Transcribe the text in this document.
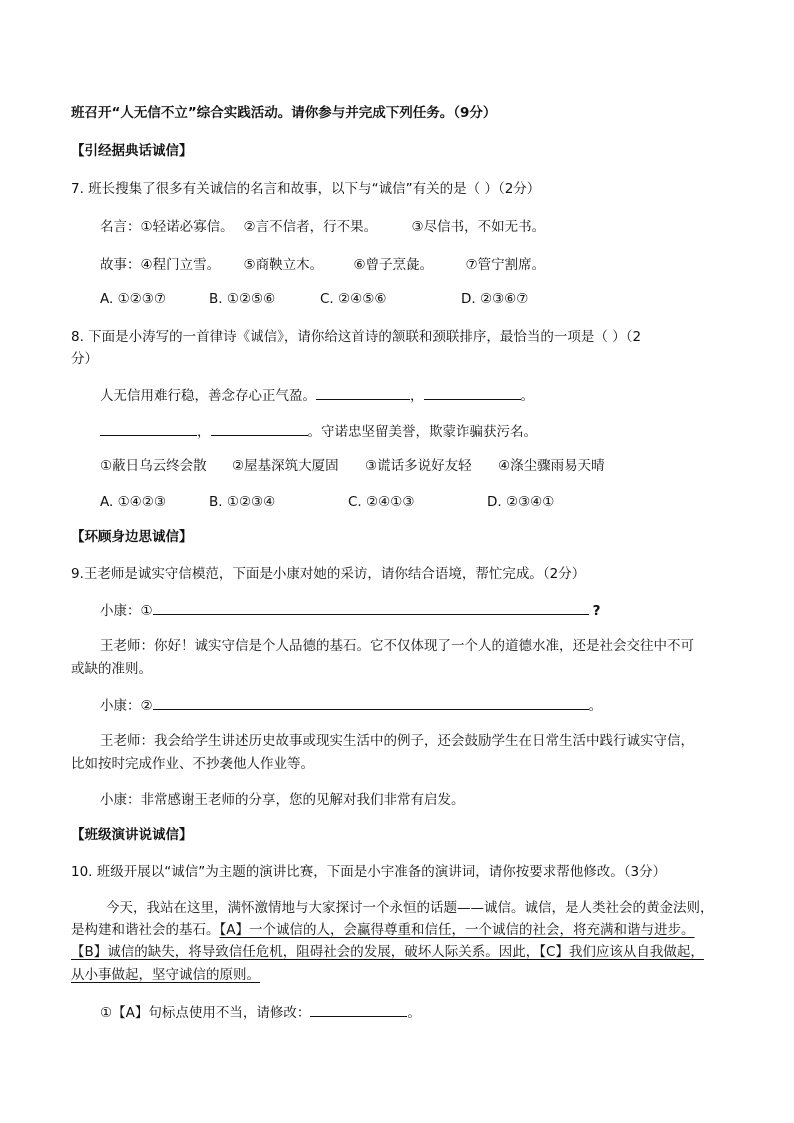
班召开“人无信不立”综合实践活动。请你参与并完成下列任务。（9分）
【引经据典话诚信】
7. 班长搜集了很多有关诚信的名言和故事，以下与“诚信”有关的是（ ）（2分）
名言：①轻诺必寡信。 ②言不信者，行不果。	③尽信书，不如无书。
故事：④程门立雪。 ⑤商鞅立木。 ⑥曾子烹彘。 ⑦管宁割席。
A. ①②③⑦	B. ①②⑤⑥	C. ②④⑤⑥	D. ②③⑥⑦
8. 下面是小涛写的一首律诗《诚信》，请你给这首诗的颔联和颈联排序，最恰当的一项是（ ）（2
分）
人无信用难行稳，善念存心正气盈。	，	。
，	。守诺忠坚留美誉，欺蒙诈骗获污名。
①蔽日乌云终会散 ②屋基深筑大厦固 ③谎话多说好友轻 ④涤尘骤雨易天晴
A. ①④②③	B. ①②③④	C. ②④①③	D. ②③④①
【环顾身边思诚信】
9.王老师是诚实守信模范，下面是小康对她的采访，请你结合语境，帮忙完成。（2分）
小康：①	?
王老师：你好！诚实守信是个人品德的基石。它不仅体现了一个人的道德水准，还是社会交往中不可
或缺的准则。
小康：②	。
王老师：我会给学生讲述历史故事或现实生活中的例子，还会鼓励学生在日常生活中践行诚实守信，
比如按时完成作业、不抄袭他人作业等。
小康：非常感谢王老师的分享，您的见解对我们非常有启发。
【班级演讲说诚信】
10. 班级开展以“诚信”为主题的演讲比赛，下面是小宇准备的演讲词，请你按要求帮他修改。（3分）
今天，我站在这里，满怀激情地与大家探讨一个永恒的话题——诚信。诚信，是人类社会的黄金法则，
是构建和谐社会的基石。【A】一个诚信的人，会赢得尊重和信任，一个诚信的社会，将充满和谐与进步。
【B】诚信的缺失，将导致信任危机，阻碍社会的发展，破坏人际关系。因此，【C】我们应该从自我做起，
从小事做起，坚守诚信的原则。
①【A】句标点使用不当，请修改：	。
